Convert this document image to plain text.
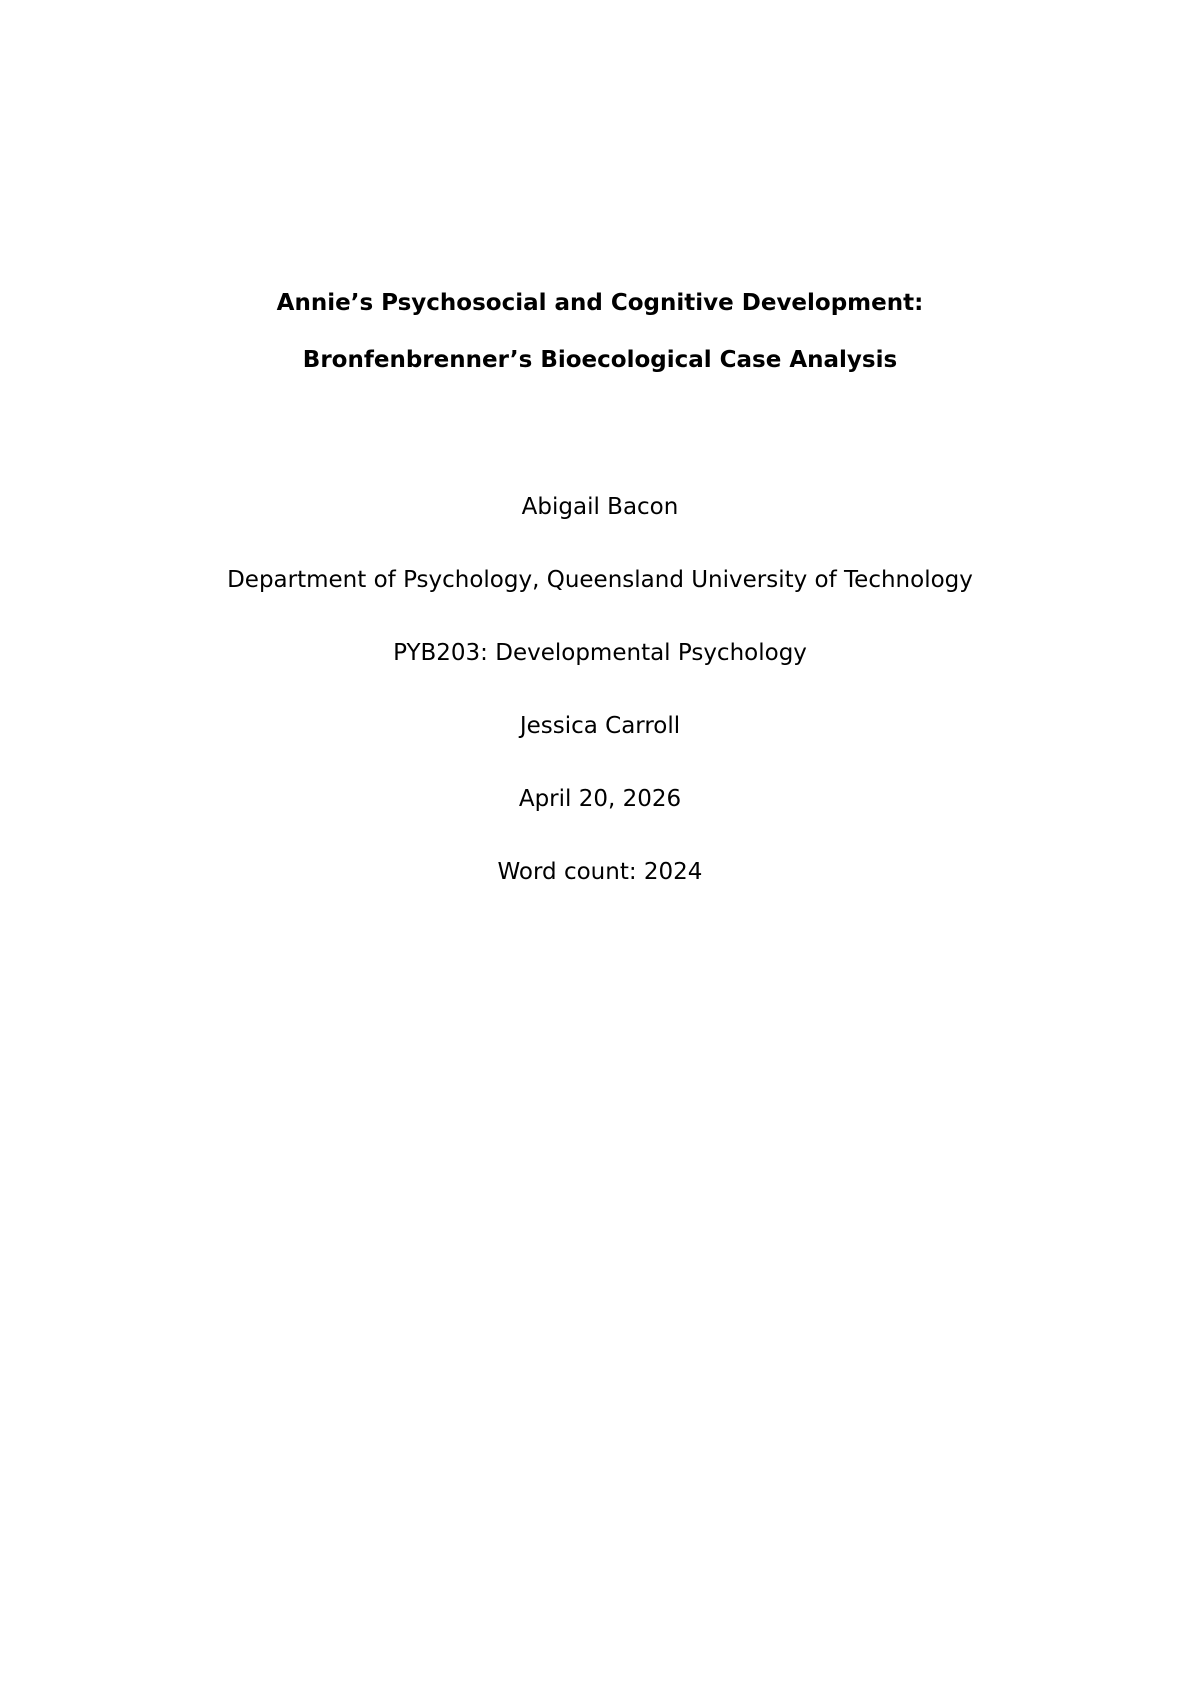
Annie’s Psychosocial and Cognitive Development:
Bronfenbrenner’s Bioecological Case Analysis
Abigail Bacon
Department of Psychology, Queensland University of Technology
PYB203: Developmental Psychology
Jessica Carroll
April 20, 2026
Word count: 2024
